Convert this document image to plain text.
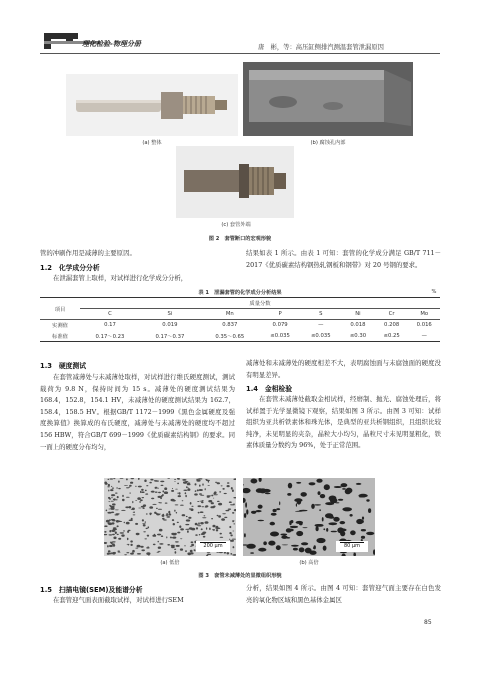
理化检验-物理分册	唐　彬，等：高压缸侧排汽测温套管泄漏原因
(a) 整体	(b) 腐蚀孔内部
(c) 套管外端
图 2　套管断口的宏观形貌
管的冲刷作用是减薄的主要原因。
1.2　化学成分分析
在泄漏套管上取样，对试样进行化学成分分析，
结果如表 1 所示。由表 1 可知：套管的化学成分满足 GB/T 711－2017《优质碳素结构钢热轧钢板和钢带》对 20 号钢的要求。
表 1　泄漏套管的化学成分分析结果	%
项目	质量分数							
	C	Si	Mn	P	S	Ni	Cr	Mo
实测值	0.17	0.019	0.837	0.079	—	0.018	0.208	0.016
标准值	0.17～0.23	0.17～0.37	0.35～0.65	≤0.035	≤0.035	≤0.30	≤0.25	—
1.3　硬度测试
在套管减薄处与未减薄处取样，对试样进行维氏硬度测试，测试载荷为 9.8 N，保持时间为 15 s。减薄处的硬度测试结果为 168.4，152.8，154.1 HV，未减薄处的硬度测试结果为 162.7，158.4，158.5 HV。根据GB/T 1172－1999《黑色金属硬度及强度换算值》换算成的布氏硬度，减薄处与未减薄处的硬度均不超过 156 HBW，符合GB/T 699－1999《优质碳素结构钢》的要求。同一面上的硬度分布均匀，
减薄处和未减薄处的硬度相差不大，表明腐蚀面与未腐蚀面的硬度没有明显差异。
1.4　金相检验
在套管未减薄处截取金相试样，经磨制、抛光、腐蚀处理后，将试样置于光学显微镜下观察，结果如图 3 所示。由图 3 可知：试样组织为亚共析铁素体和珠光体，是典型的亚共析钢组织，且组织比较纯净，未见明显的夹杂，晶粒大小均匀，晶粒尺寸未见明显粗化，铁素体质量分数约为 96%，处于正常范围。
200 μm	80 μm
(a) 低倍	(b) 高倍
图 3　套管未减薄处的显微组织形貌
1.5　扫描电镜(SEM)及能谱分析
在套管迎气面表面截取试样，对试样进行SEM
分析，结果如图 4 所示。由图 4 可知：套管迎气面主要存在白色发亮的氧化物区域和黑色基体金属区
85
